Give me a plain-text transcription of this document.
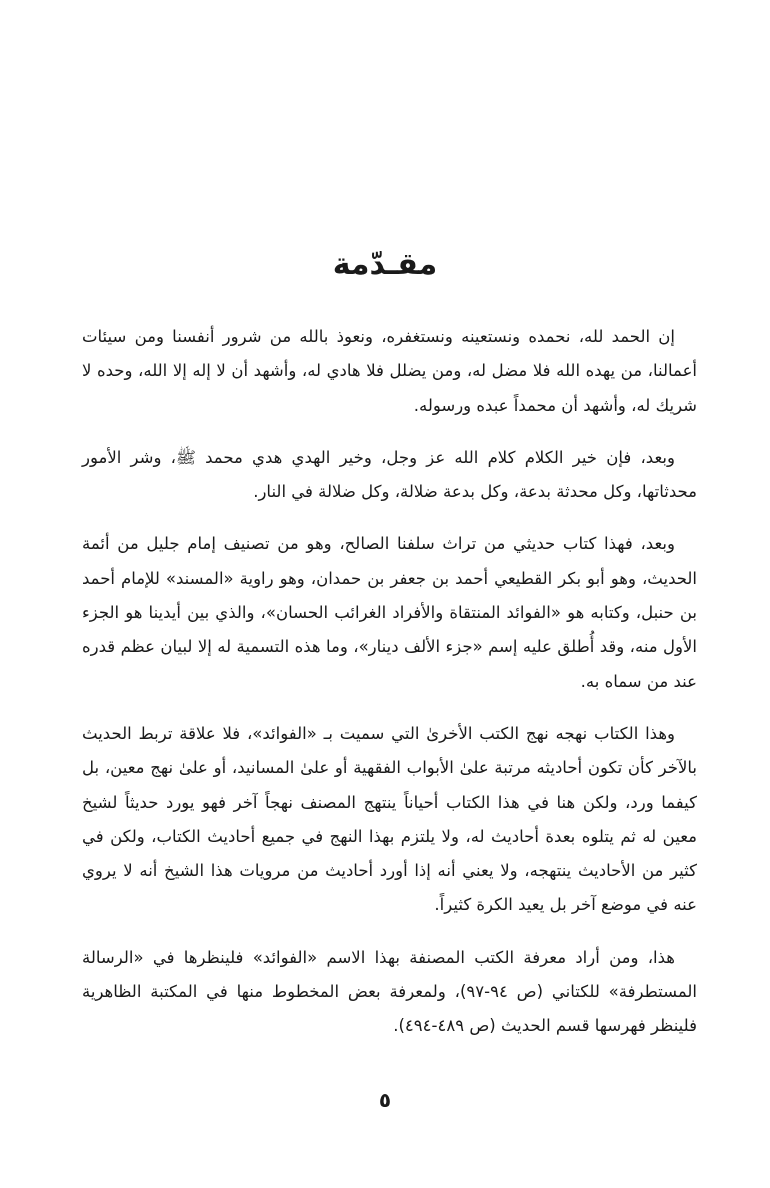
مقـدّمة

إن الحمد لله، نحمده ونستعينه ونستغفره، ونعوذ بالله من شرور أنفسنا ومن سيئات أعمالنا، من يهده الله فلا مضل له، ومن يضلل فلا هادي له، وأشهد أن لا إله إلا الله، وحده لا شريك له، وأشهد أن محمداً عبده ورسوله.

وبعد، فإن خير الكلام كلام الله عز وجل، وخير الهدي هدي محمد ﷺ، وشر الأمور محدثاتها، وكل محدثة بدعة، وكل بدعة ضلالة، وكل ضلالة في النار.

وبعد، فهذا كتاب حديثي من تراث سلفنا الصالح، وهو من تصنيف إمام جليل من أئمة الحديث، وهو أبو بكر القطيعي أحمد بن جعفر بن حمدان، وهو راوية «المسند» للإمام أحمد بن حنبل، وكتابه هو «الفوائد المنتقاة والأفراد الغرائب الحسان»، والذي بين أيدينا هو الجزء الأول منه، وقد أُطلق عليه إسم «جزء الألف دينار»، وما هذه التسمية له إلا لبيان عظم قدره عند من سماه به.

وهذا الكتاب نهجه نهج الكتب الأخرىٰ التي سميت بـ «الفوائد»، فلا علاقة تربط الحديث بالآخر كأن تكون أحاديثه مرتبة علىٰ الأبواب الفقهية أو علىٰ المسانيد، أو علىٰ نهج معين، بل كيفما ورد، ولكن هنا في هذا الكتاب أحياناً ينتهج المصنف نهجاً آخر فهو يورد حديثاً لشيخ معين له ثم يتلوه بعدة أحاديث له، ولا يلتزم بهذا النهج في جميع أحاديث الكتاب، ولكن في كثير من الأحاديث ينتهجه، ولا يعني أنه إذا أورد أحاديث من مرويات هذا الشيخ أنه لا يروي عنه في موضع آخر بل يعيد الكرة كثيراً.

هذا، ومن أراد معرفة الكتب المصنفة بهذا الاسم «الفوائد» فلينظرها في «الرسالة المستطرفة» للكتاني (ص ٩٤-٩٧)، ولمعرفة بعض المخطوط منها في المكتبة الظاهرية فلينظر فهرسها قسم الحديث (ص ٤٨٩-٤٩٤).

٥
